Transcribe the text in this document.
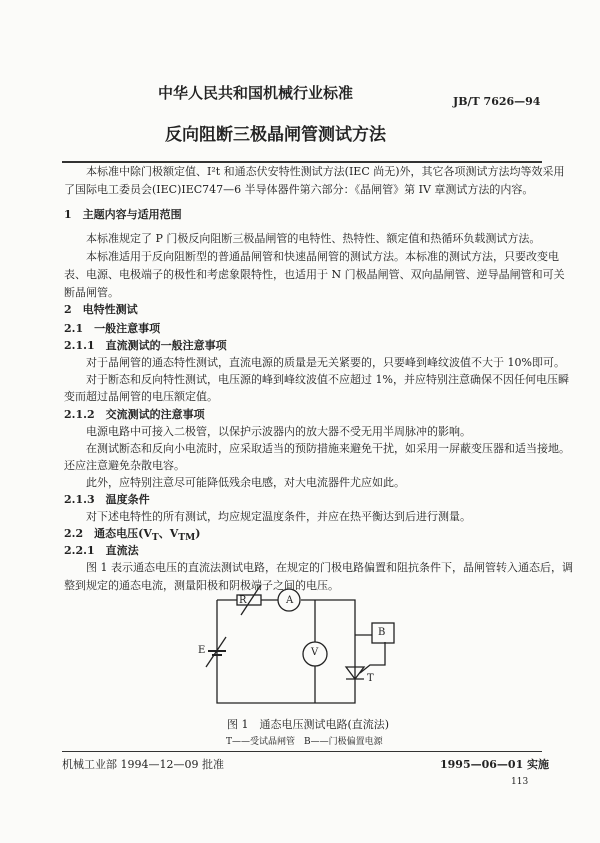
中华人民共和国机械行业标准	JB/T 7626—94
反向阻断三极晶闸管测试方法
本标准中除门极额定值、I²t 和通态伏安特性测试方法(IEC 尚无)外，其它各项测试方法均等效采用
了国际电工委员会(IEC)IEC747—6 半导体器件第六部分：《晶闸管》第 IV 章测试方法的内容。
1　主题内容与适用范围
本标准规定了 P 门极反向阻断三极晶闸管的电特性、热特性、额定值和热循环负载测试方法。
本标准适用于反向阻断型的普通晶闸管和快速晶闸管的测试方法。本标准的测试方法，只要改变电
表、电源、电极端子的极性和考虑象限特性，也适用于 N 门极晶闸管、双向晶闸管、逆导晶闸管和可关
断晶闸管。
2　电特性测试
2.1　一般注意事项
2.1.1　直流测试的一般注意事项
对于晶闸管的通态特性测试，直流电源的质量是无关紧要的，只要峰到峰纹波值不大于 10%即可。
对于断态和反向特性测试，电压源的峰到峰纹波值不应超过 1%，并应特别注意确保不因任何电压瞬
变而超过晶闸管的电压额定值。
2.1.2　交流测试的注意事项
电源电路中可接入二极管，以保护示波器内的放大器不受无用半周脉冲的影响。
在测试断态和反向小电流时，应采取适当的预防措施来避免干扰，如采用一屏蔽变压器和适当接地。
还应注意避免杂散电容。
此外，应特别注意尽可能降低残余电感，对大电流器件尤应如此。
2.1.3　温度条件
对下述电特性的所有测试，均应规定温度条件，并应在热平衡达到后进行测量。
2.2　通态电压($V_T$、$V_{TM}$)
2.2.1　直流法
图 1 表示通态电压的直流法测试电路，在规定的门极电路偏置和阻抗条件下，晶闸管转入通态后，调
整到规定的通态电流，测量阳极和阴极端子之间的电压。
R	A
E	V
B
T
图 1　通态电压测试电路(直流法)
T——受试晶闸管　B——门极偏置电源
机械工业部 1994—12—09 批准	1995—06—01 实施
113
